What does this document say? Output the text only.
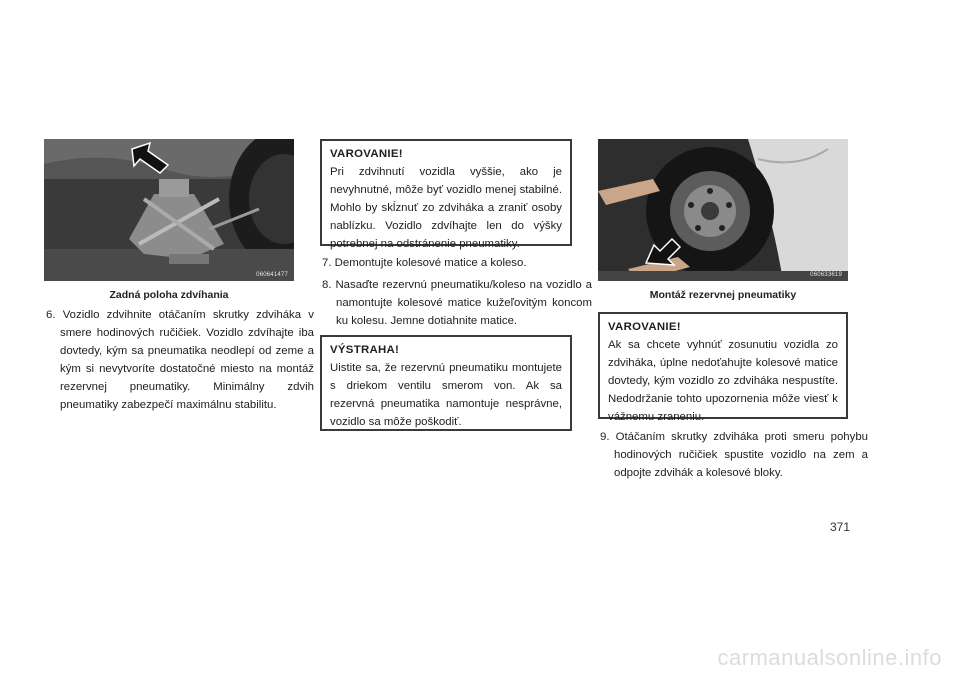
060641477
Zadná poloha zdvíhania
6. Vozidlo zdvihnite otáčaním skrutky zdviháka v smere hodinových ručičiek. Vozidlo zdvíhajte iba dovtedy, kým sa pneumatika neodlepí od zeme a kým si nevytvoríte dostatočné miesto na montáž rezervnej pneumatiky. Minimálny zdvih pneumatiky zabezpečí maximálnu stabilitu.
VAROVANIE!
Pri zdvihnutí vozidla vyššie, ako je nevyhnutné, môže byť vozidlo menej stabilné. Mohlo by skĺznuť zo zdviháka a zraniť osoby nablízku. Vozidlo zdvíhajte len do výšky potrebnej na odstránenie pneumatiky.
7. Demontujte kolesové matice a koleso.
8. Nasaďte rezervnú pneumatiku/koleso na vozidlo a namontujte kolesové matice kužeľovitým koncom ku kolesu. Jemne dotiahnite matice.
VÝSTRAHA!
Uistite sa, že rezervnú pneumatiku montujete s driekom ventilu smerom von. Ak sa rezervná pneumatika namontuje nesprávne, vozidlo sa môže poškodiť.
060633619
Montáž rezervnej pneumatiky
VAROVANIE!
Ak sa chcete vyhnúť zosunutiu vozidla zo zdviháka, úplne nedoťahujte kolesové matice dovtedy, kým vozidlo zo zdviháka nespustíte. Nedodržanie tohto upozornenia môže viesť k vážnemu zraneniu.
9. Otáčaním skrutky zdviháka proti smeru pohybu hodinových ručičiek spustite vozidlo na zem a odpojte zdvihák a kolesové bloky.
371
carmanualsonline.info
